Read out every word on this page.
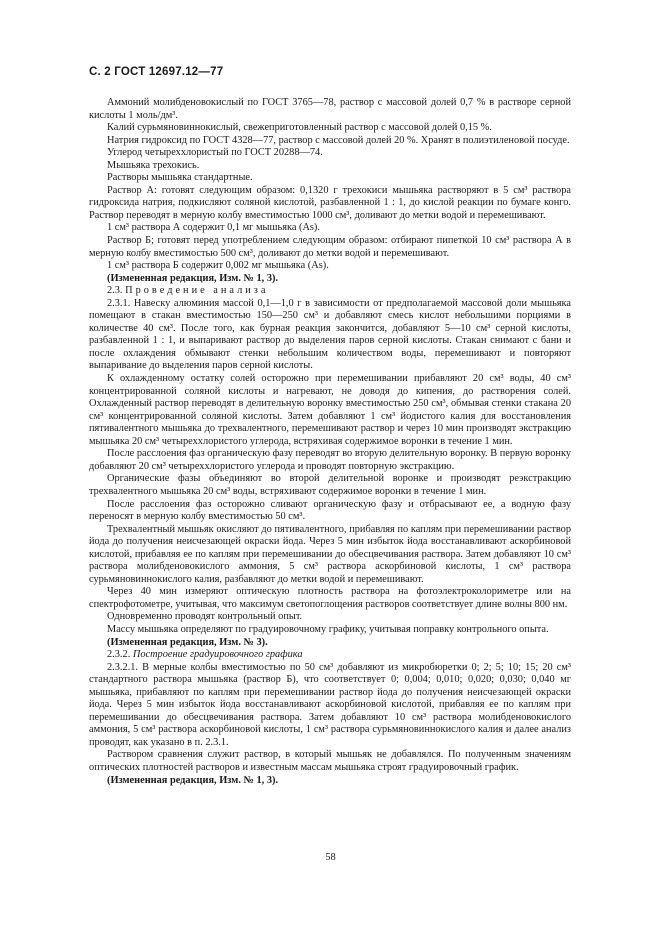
С. 2 ГОСТ 12697.12—77

Аммоний молибденовокислый по ГОСТ 3765—78, раствор с массовой долей 0,7 % в растворе серной кислоты 1 моль/дм³.

Калий сурьмяновиннокислый, свежеприготовленный раствор с массовой долей 0,15 %.

Натрия гидроксид по ГОСТ 4328—77, раствор с массовой долей 20 %. Хранят в полиэтиленовой посуде.

Углерод четыреххлористый по ГОСТ 20288—74.

Мышьяка трехокись.

Растворы мышьяка стандартные.

Раствор А: готовят следующим образом: 0,1320 г трехокиси мышьяка растворяют в 5 см³ раствора гидроксида натрия, подкисляют соляной кислотой, разбавленной 1 : 1, до кислой реакции по бумаге конго. Раствор переводят в мерную колбу вместимостью 1000 см³, доливают до метки водой и перемешивают.

1 см³ раствора А содержит 0,1 мг мышьяка (As).

Раствор Б; готовят перед употреблением следующим образом: отбирают пипеткой 10 см³ раствора А в мерную колбу вместимостью 500 см³, доливают до метки водой и перемешивают.

1 см³ раствора Б содержит 0,002 мг мышьяка (As).

(Измененная редакция, Изм. № 1, 3).

2.3. Проведение анализа

2.3.1. Навеску алюминия массой 0,1—1,0 г в зависимости от предполагаемой массовой доли мышьяка помещают в стакан вместимостью 150—250 см³ и добавляют смесь кислот небольшими порциями в количестве 40 см³. После того, как бурная реакция закончится, добавляют 5—10 см³ серной кислоты, разбавленной 1 : 1, и выпаривают раствор до выделения паров серной кислоты. Стакан снимают с бани и после охлаждения обмывают стенки небольшим количеством воды, перемешивают и повторяют выпаривание до выделения паров серной кислоты.

К охлажденному остатку солей осторожно при перемешивании прибавляют 20 см³ воды, 40 см³ концентрированной соляной кислоты и нагревают, не доводя до кипения, до растворения солей. Охлажденный раствор переводят в делительную воронку вместимостью 250 см³, обмывая стенки стакана 20 см³ концентрированной соляной кислоты. Затем добавляют 1 см³ йодистого калия для восстановления пятивалентного мышьяка до трехвалентного, перемешивают раствор и через 10 мин производят экстракцию мышьяка 20 см³ четыреххлористого углерода, встряхивая содержимое воронки в течение 1 мин.

После расслоения фаз органическую фазу переводят во вторую делительную воронку. В первую воронку добавляют 20 см³ четыреххлористого углерода и проводят повторную экстракцию.

Органические фазы объединяют во второй делительной воронке и производят реэкстракцию трехвалентного мышьяка 20 см³ воды, встряхивают содержимое воронки в течение 1 мин.

После расслоения фаз осторожно сливают органическую фазу и отбрасывают ее, а водную фазу переносят в мерную колбу вместимостью 50 см³.

Трехвалентный мышьяк окисляют до пятивалентного, прибавляя по каплям при перемешивании раствор йода до получения неисчезающей окраски йода. Через 5 мин избыток йода восстанавливают аскорбиновой кислотой, прибавляя ее по каплям при перемешивании до обесцвечивания раствора. Затем добавляют 10 см³ раствора молибденовокислого аммония, 5 см³ раствора аскорбиновой кислоты, 1 см³ раствора сурьмяновиннокислого калия, разбавляют до метки водой и перемешивают.

Через 40 мин измеряют оптическую плотность раствора на фотоэлектроколориметре или на спектрофотометре, учитывая, что максимум светопоглощения растворов соответствует длине волны 800 нм.

Одновременно проводят контрольный опыт.

Массу мышьяка определяют по градуировочному графику, учитывая поправку контрольного опыта.

(Измененная редакция, Изм. № 3).

2.3.2. Построение градуировочного графика

2.3.2.1. В мерные колбы вместимостью по 50 см³ добавляют из микробюретки 0; 2; 5; 10; 15; 20 см³ стандартного раствора мышьяка (раствор Б), что соответствует 0; 0,004; 0,010; 0,020; 0,030; 0,040 мг мышьяка, прибавляют по каплям при перемешивании раствор йода до получения неисчезающей окраски йода. Через 5 мин избыток йода восстанавливают аскорбиновой кислотой, прибавляя ее по каплям при перемешивании до обесцвечивания раствора. Затем добавляют 10 см³ раствора молибденовокислого аммония, 5 см³ раствора аскорбиновой кислоты, 1 см³ раствора сурьмяновиннокислого калия и далее анализ проводят, как указано в п. 2.3.1.

Раствором сравнения служит раствор, в который мышьяк не добавлялся. По полученным значениям оптических плотностей растворов и известным массам мышьяка строят градуировочный график.

(Измененная редакция, Изм. № 1, 3).

58
